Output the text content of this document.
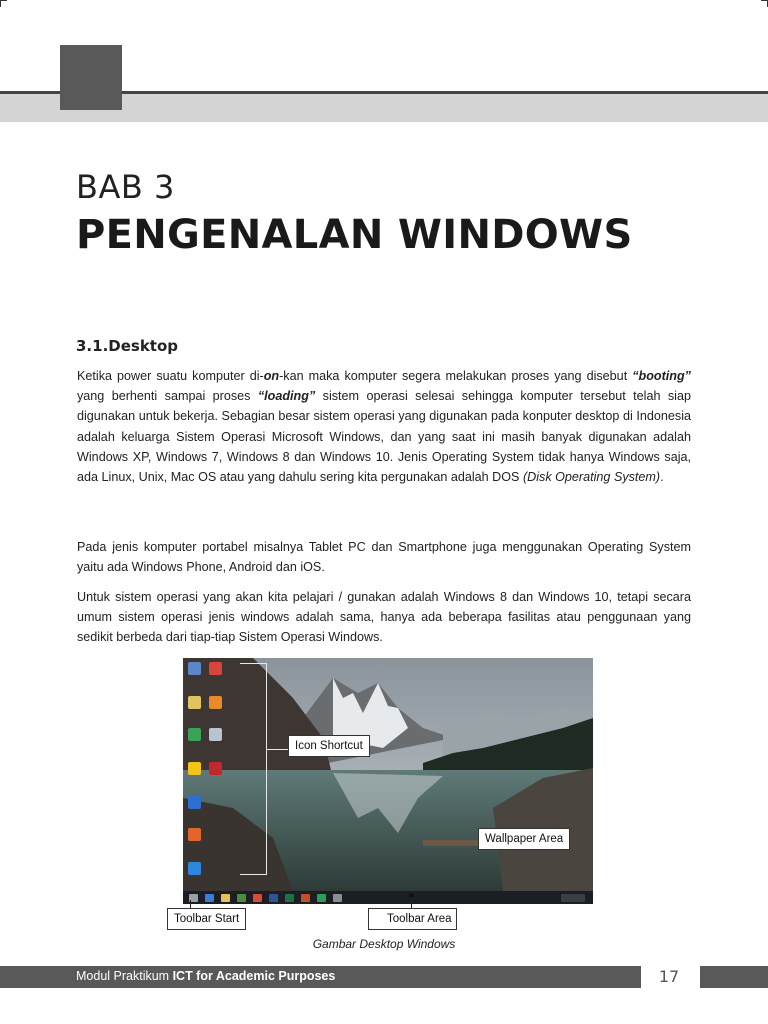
BAB 3
PENGENALAN WINDOWS
3.1.Desktop

Ketika power suatu komputer di-on-kan maka komputer segera melakukan proses yang disebut “booting” yang berhenti sampai proses “loading” sistem operasi selesai sehingga komputer tersebut telah siap digunakan untuk bekerja. Sebagian besar sistem operasi yang digunakan pada konputer desktop di Indonesia adalah keluarga Sistem Operasi Microsoft Windows, dan yang saat ini masih banyak digunakan adalah Windows XP, Windows 7, Windows 8 dan Windows 10. Jenis Operating System tidak hanya Windows saja, ada Linux, Unix, Mac OS atau yang dahulu sering kita pergunakan adalah DOS (Disk Operating System).

Pada jenis komputer portabel misalnya Tablet PC dan Smartphone juga menggunakan Operating System yaitu ada Windows Phone, Android dan iOS.

Untuk sistem operasi yang akan kita pelajari / gunakan adalah Windows 8 dan Windows 10, tetapi secara umum sistem operasi jenis windows adalah sama, hanya ada beberapa fasilitas atau penggunaan yang sedikit berbeda dari tiap-tiap Sistem Operasi Windows.

Icon Shortcut
Wallpaper Area
Toolbar Start	Toolbar Area
Gambar Desktop Windows
Modul Praktikum ICT for Academic Purposes	17
